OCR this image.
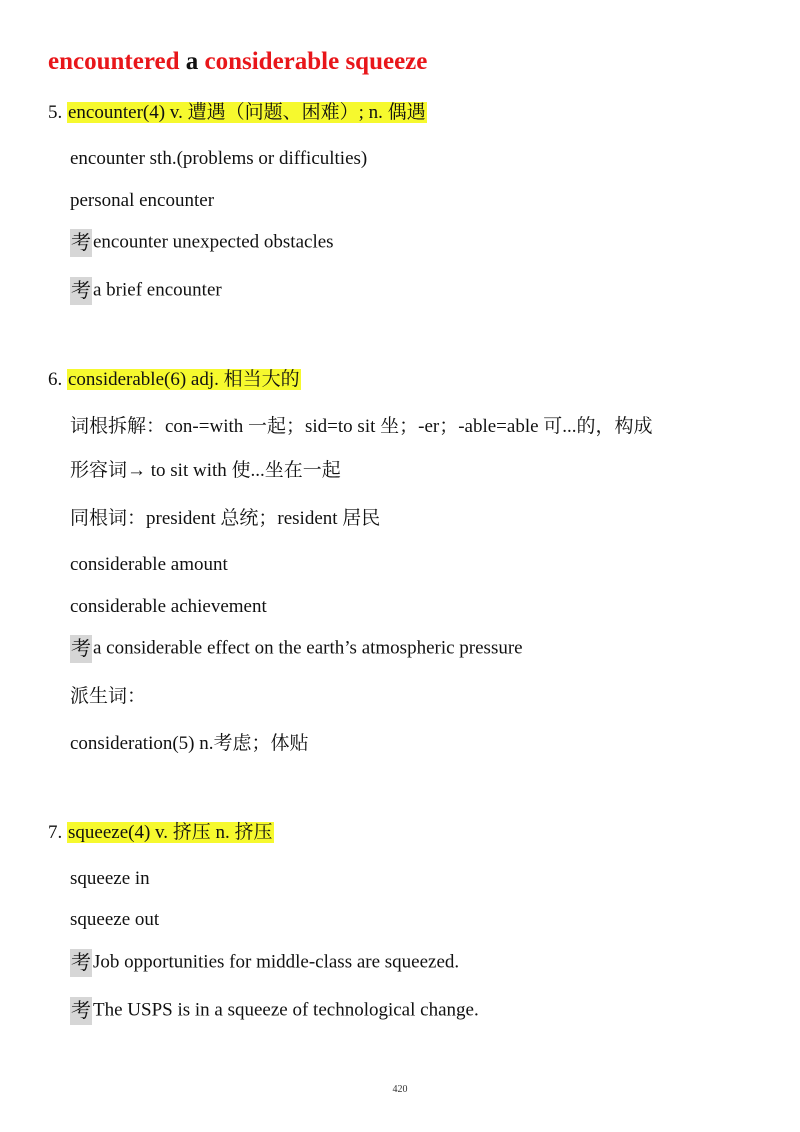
encountered a considerable squeeze
5. encounter(4) v. 遭遇（问题、困难）; n. 偶遇
encounter sth.(problems or difficulties)
personal encounter
考 encounter unexpected obstacles
考 a brief encounter
6. considerable(6) adj. 相当大的
词根拆解：con-=with 一起；sid=to sit 坐；-er；-able=able 可...的，构成
形容词→ to sit with 使...坐在一起
同根词：president 总统；resident 居民
considerable amount
considerable achievement
考 a considerable effect on the earth’s atmospheric pressure
派生词：
consideration(5) n.考虑；体贴
7. squeeze(4) v. 挤压 n. 挤压
squeeze in
squeeze out
考 Job opportunities for middle-class are squeezed.
考 The USPS is in a squeeze of technological change.
420
